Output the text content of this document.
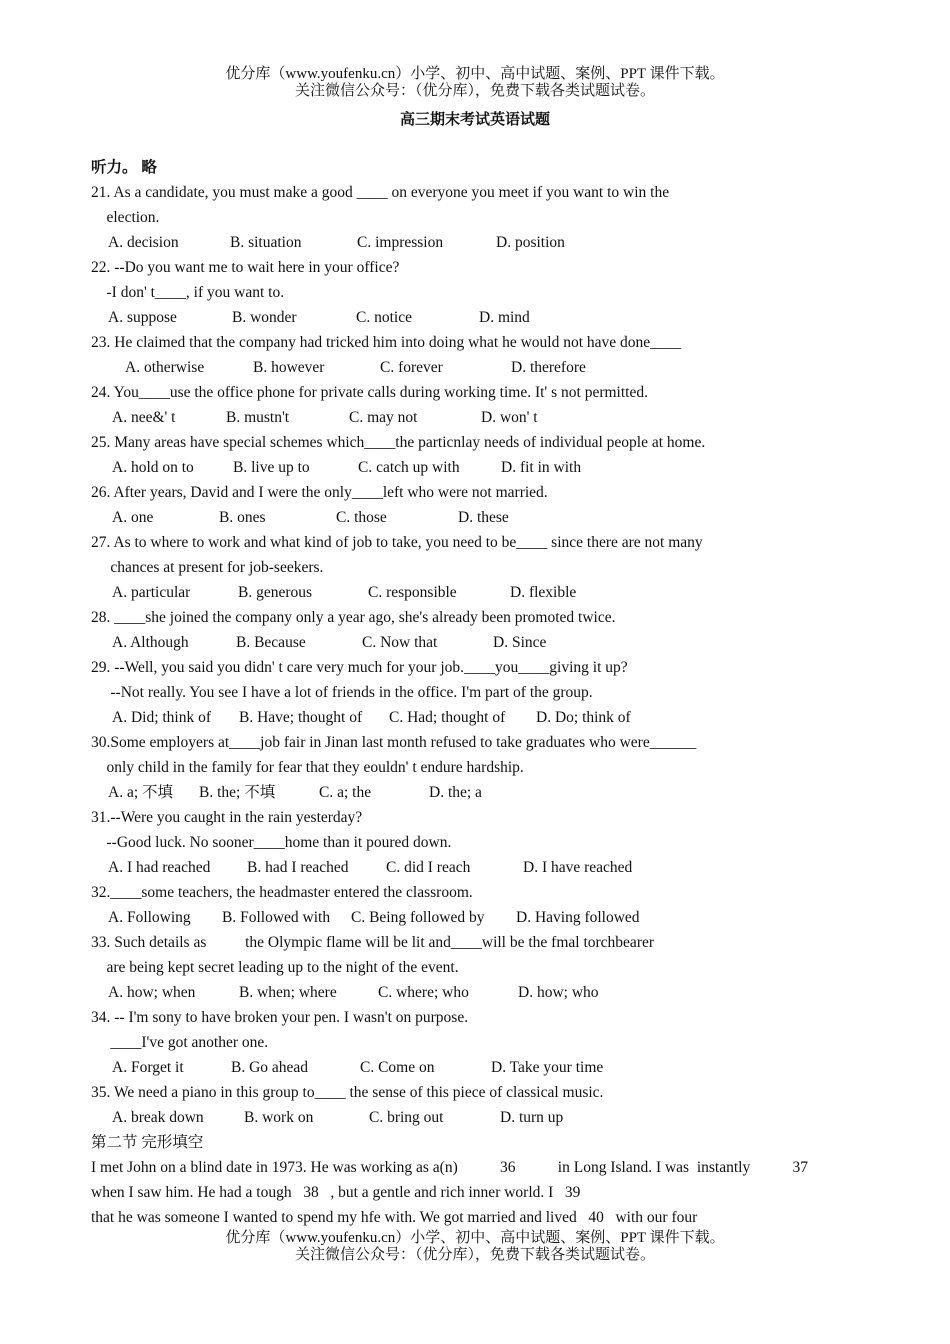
优分库（www.youfenku.cn）小学、初中、高中试题、案例、PPT 课件下载。
关注微信公众号：（优分库），免费下载各类试题试卷。
高三期末考试英语试题
听力。 略
21. As a candidate, you must make a good ____ on everyone you meet if you want to win the
election.
A. decision	B. situation	C. impression	D. position
22. --Do you want me to wait here in your office?
-I don' t____, if you want to.
A. suppose	B. wonder	C. notice	D. mind
23. He claimed that the company had tricked him into doing what he would not have done____
A. otherwise	B. however	C. forever	D. therefore
24. You____use the office phone for private calls during working time. It' s not permitted.
A. nee&' t	B. mustn't	C. may not	D. won' t
25. Many areas have special schemes which____the particnlay needs of individual people at home.
A. hold on to	B. live up to	C. catch up with	D. fit in with
26. After years, David and I were the only____left who were not married.
A. one	B. ones	C. those	D. these
27. As to where to work and what kind of job to take, you need to be____ since there are not many
chances at present for job-seekers.
A. particular	B. generous	C. responsible	D. flexible
28. ____she joined the company only a year ago, she's already been promoted twice.
A. Although	B. Because	C. Now that	D. Since
29. --Well, you said you didn' t care very much for your job.____you____giving it up?
--Not really. You see I have a lot of friends in the office. I'm part of the group.
A. Did; think of B. Have; thought of C. Had; thought of D. Do; think of
30.Some employers at____job fair in Jinan last month refused to take graduates who were______
only child in the family for fear that they eouldn' t endure hardship.
A. a; 不填 B. the; 不填	C. a; the	D. the; a
31.--Were you caught in the rain yesterday?
--Good luck. No sooner____home than it poured down.
A. I had reached B. had I reached C. did I reach	D. I have reached
32.____some teachers, the headmaster entered the classroom.
A. Following B. Followed with C. Being followed by D. Having followed
33. Such details as          the Olympic flame will be lit and____will be the fmal torchbearer
are being kept secret leading up to the night of the event.
A. how; when	B. when; where	C. where; who	D. how; who
34. -- I'm sony to have broken your pen. I wasn't on purpose.
____I've got another one.
A. Forget it	B. Go ahead	C. Come on	D. Take your time
35. We need a piano in this group to____ the sense of this piece of classical music.
A. break down	B. work on	C. bring out	D. turn up
第二节 完形填空
I met John on a blind date in 1973. He was working as a(n)	36	in Long Island. I was  instantly	37
when I saw him. He had a tough   38   , but a gentle and rich inner world. I   39
that he was someone I wanted to spend my hfe with. We got married and lived   40   with our four
优分库（www.youfenku.cn）小学、初中、高中试题、案例、PPT 课件下载。
关注微信公众号：（优分库），免费下载各类试题试卷。
